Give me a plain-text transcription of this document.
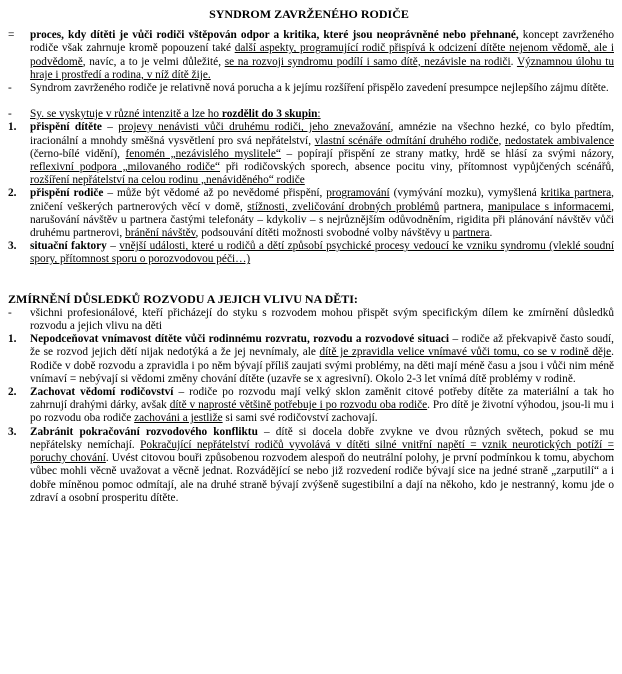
SYNDROM ZAVRŽENÉHO RODIČE
=	proces, kdy dítěti je vůči rodiči vštěpován odpor a kritika, které jsou neoprávněné nebo přehnané, koncept zavrženého rodiče však zahrnuje kromě popouzení také další aspekty, programující rodič přispívá k odcizení dítěte nejenom vědomě, ale i podvědomě, navíc, a to je velmi důležité, se na rozvoji syndromu podílí i samo dítě, nezávisle na rodiči. Významnou úlohu tu hraje i prostředí a rodina, v níž dítě žije.
-	Syndrom zavrženého rodiče je relativně nová porucha a k jejímu rozšíření přispělo zavedení presumpce nejlepšího zájmu dítěte.
-	Sy. se vyskytuje v různé intenzitě a lze ho rozdělit do 3 skupin:
1.	přispění dítěte – projevy nenávisti vůči druhému rodiči, jeho znevažování, amnézie na všechno hezké, co bylo předtím, iracionální a mnohdy směšná vysvětlení pro svá nepřátelství, vlastní scénáře odmítání druhého rodiče, nedostatek ambivalence (černo-bílé vidění), fenomén „nezávislého myslitele“ – popírají přispění ze strany matky, hrdě se hlásí za svými názory, reflexivní podpora „milovaného rodiče“ při rodičovských sporech, absence pocitu viny, přítomnost vypůjčených scénářů, rozšíření nepřátelství na celou rodinu „nenáviděného“ rodiče
2.	přispění rodiče – může být vědomé až po nevědomé přispění, programování (vymývání mozku), vymyšlená kritika partnera, zničení veškerých partnerových věcí v domě, stížnosti, zveličování drobných problémů partnera, manipulace s informacemi, narušování návštěv u partnera častými telefonáty – kdykoliv – s nejrůznějším odůvodněním, rigidita při plánování návštěv vůči druhému partnerovi, bránění návštěv, podsouvání dítěti možnosti svobodné volby návštěvy u partnera.
3.	situační faktory – vnější události, které u rodičů a dětí způsobí psychické procesy vedoucí ke vzniku syndromu (vleklé soudní spory, přítomnost sporu o porozvodovou péči…)
ZMÍRNĚNÍ DŮSLEDKŮ ROZVODU A JEJICH VLIVU NA DĚTI:
-	všichni profesionálové, kteří přicházejí do styku s rozvodem mohou přispět svým specifickým dílem ke zmírnění důsledků rozvodu a jejich vlivu na děti
1.	Nepodceňovat vnímavost dítěte vůči rodinnému rozvratu, rozvodu a rozvodové situaci – rodiče až překvapivě často soudí, že se rozvod jejich dětí nijak nedotýká a že jej nevnímaly, ale dítě je zpravidla velice vnímavé vůči tomu, co se v rodině děje. Rodiče v době rozvodu a zpravidla i po něm bývají příliš zaujati svými problémy, na děti mají méně času a jsou i vůči nim méně vnímaví = nebývají si vědomi změny chování dítěte (uzavře se x agresivní). Okolo 2-3 let vnímá dítě problémy v rodině.
2.	Zachovat vědomí rodičovství – rodiče po rozvodu mají velký sklon zaměnit citové potřeby dítěte za materiální a tak ho zahrnují drahými dárky, avšak dítě v naprosté většině potřebuje i po rozvodu oba rodiče. Pro dítě je životní výhodou, jsou-li mu i po rozvodu oba rodiče zachováni a jestliže si sami své rodičovství zachovají.
3.	Zabránit pokračování rozvodového konfliktu – dítě si docela dobře zvykne ve dvou různých světech, pokud se mu nepřátelsky nemíchají. Pokračující nepřátelství rodičů vyvolává v dítěti silné vnitřní napětí = vznik neurotických potíží = poruchy chování. Uvést citovou bouři způsobenou rozvodem alespoň do neutrální polohy, je první podmínkou k tomu, abychom vůbec mohli věcně uvažovat a věcně jednat. Rozvádějící se nebo již rozvedení rodiče bývají sice na jedné straně „zarputilí“ a i dobře míněnou pomoc odmítají, ale na druhé straně bývají zvýšeně sugestibilní a dají na někoho, kdo je nestranný, komu jde o zdraví a osobní prosperitu dítěte.
